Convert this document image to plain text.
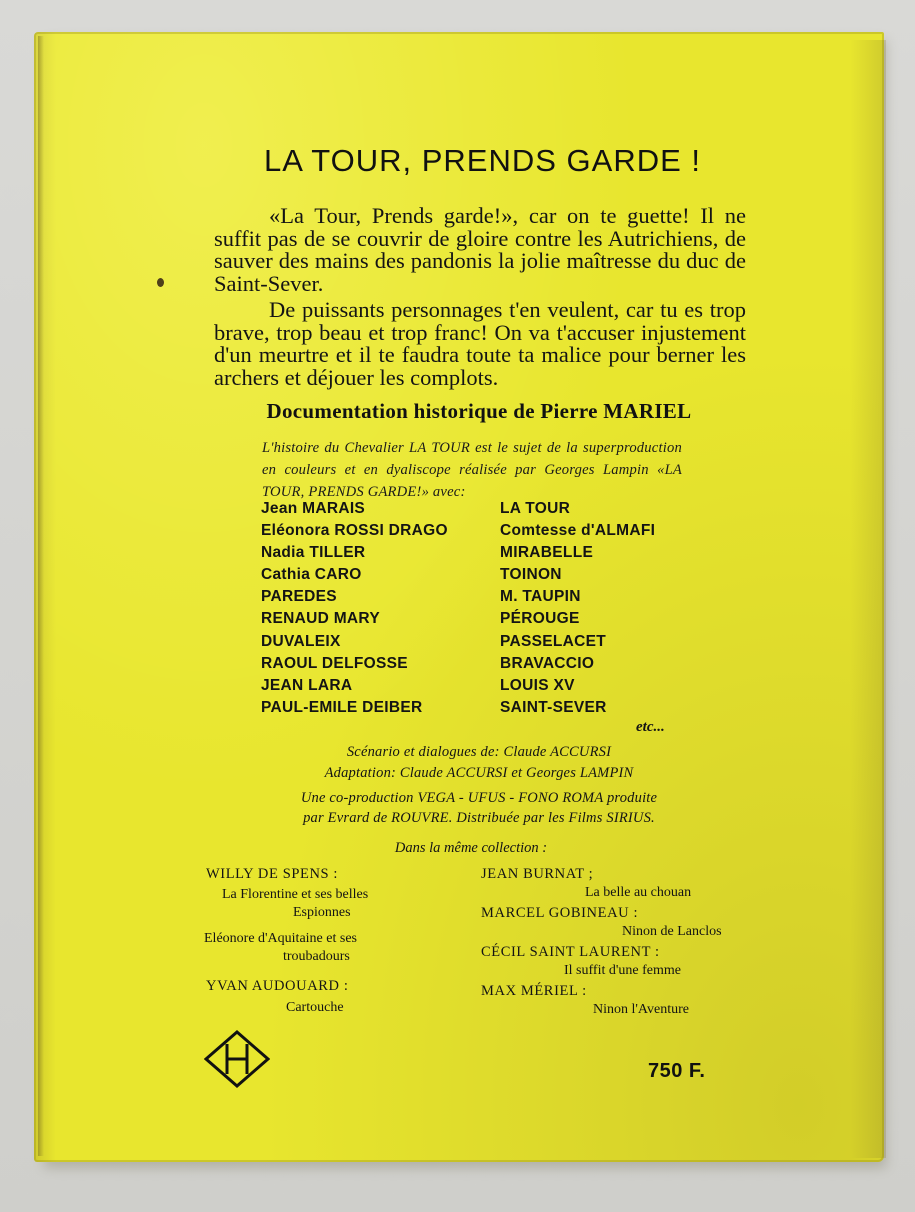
LA TOUR, PRENDS GARDE !

«La Tour, Prends garde!», car on te guette! Il ne suffit pas de se couvrir de gloire contre les Autrichiens, de sauver des mains des pandonis la jolie maîtresse du duc de Saint-Sever.

De puissants personnages t'en veulent, car tu es trop brave, trop beau et trop franc! On va t'accuser injustement d'un meurtre et il te faudra toute ta malice pour berner les archers et déjouer les complots.

Documentation historique de Pierre MARIEL
L'histoire du Chevalier LA TOUR est le sujet de la superproduction en couleurs et en dyaliscope réalisée par Georges Lampin «LA TOUR, PRENDS GARDE!» avec:
Jean MARAIS	LA TOUR
Eléonora ROSSI DRAGO	Comtesse d'ALMAFI
Nadia TILLER	MIRABELLE
Cathia CARO	TOINON
PAREDES	M. TAUPIN
RENAUD MARY	PÉROUGE
DUVALEIX	PASSELACET
RAOUL DELFOSSE	BRAVACCIO
JEAN LARA	LOUIS XV
PAUL-EMILE DEIBER	SAINT-SEVER
etc...
Scénario et dialogues de: Claude ACCURSI
Adaptation: Claude ACCURSI et Georges LAMPIN
Une co-production VEGA - UFUS - FONO ROMA produite
par Evrard de ROUVRE. Distribuée par les Films SIRIUS.
Dans la même collection :
WILLY DE SPENS :
La Florentine et ses belles
Espionnes
Eléonore d'Aquitaine et ses
troubadours
YVAN AUDOUARD :
Cartouche
JEAN BURNAT ;
La belle au chouan
MARCEL GOBINEAU :
Ninon de Lanclos
CÉCIL SAINT LAURENT :
Il suffit d'une femme
MAX MÉRIEL :
Ninon l'Aventure
750 F.
